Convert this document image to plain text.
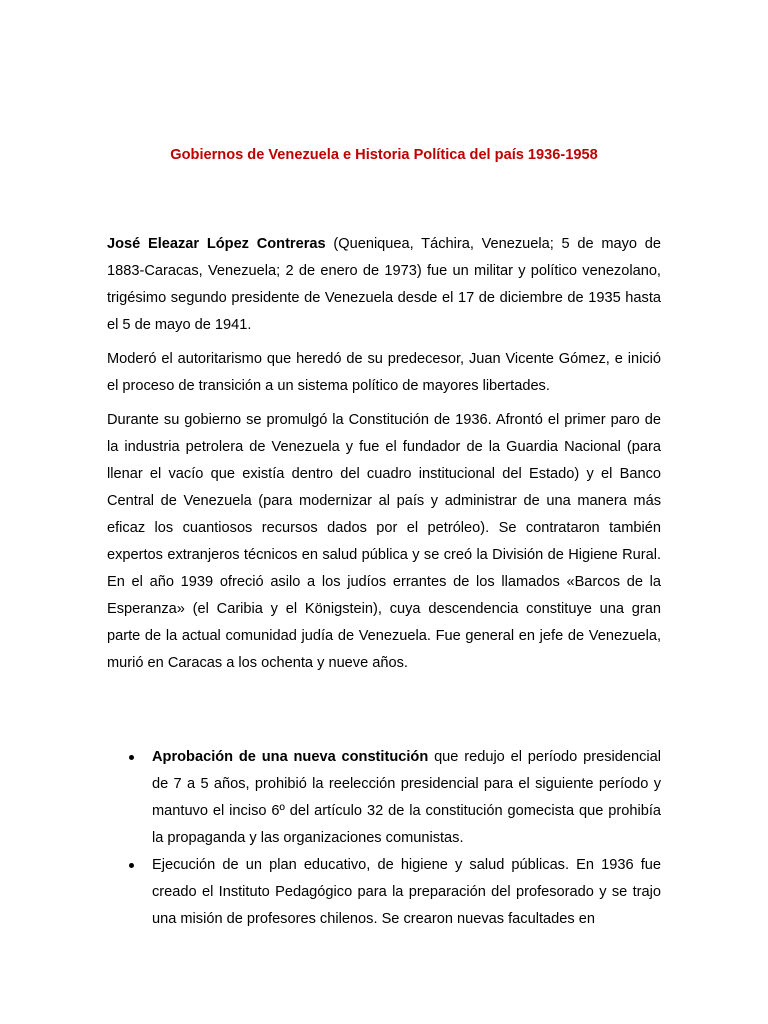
Gobiernos de Venezuela e Historia Política del país 1936-1958

José Eleazar López Contreras (Queniquea, Táchira, Venezuela; 5 de mayo de 1883-Caracas, Venezuela; 2 de enero de 1973) fue un militar y político venezolano, trigésimo segundo presidente de Venezuela desde el 17 de diciembre de 1935 hasta el 5 de mayo de 1941.

Moderó el autoritarismo que heredó de su predecesor, Juan Vicente Gómez, e inició el proceso de transición a un sistema político de mayores libertades.

Durante su gobierno se promulgó la Constitución de 1936. Afrontó el primer paro de la industria petrolera de Venezuela y fue el fundador de la Guardia Nacional (para llenar el vacío que existía dentro del cuadro institucional del Estado) y el Banco Central de Venezuela (para modernizar al país y administrar de una manera más eficaz los cuantiosos recursos dados por el petróleo). Se contrataron también expertos extranjeros técnicos en salud pública y se creó la División de Higiene Rural. En el año 1939 ofreció asilo a los judíos errantes de los llamados «Barcos de la Esperanza» (el Caribia y el Königstein), cuya descendencia constituye una gran parte de la actual comunidad judía de Venezuela. Fue general en jefe de Venezuela, murió en Caracas a los ochenta y nueve años.

Aprobación de una nueva constitución que redujo el período presidencial de 7 a 5 años, prohibió la reelección presidencial para el siguiente período y mantuvo el inciso 6º del artículo 32 de la constitución gomecista que prohibía la propaganda y las organizaciones comunistas.
Ejecución de un plan educativo, de higiene y salud públicas. En 1936 fue creado el Instituto Pedagógico para la preparación del profesorado y se trajo una misión de profesores chilenos. Se crearon nuevas facultades en
